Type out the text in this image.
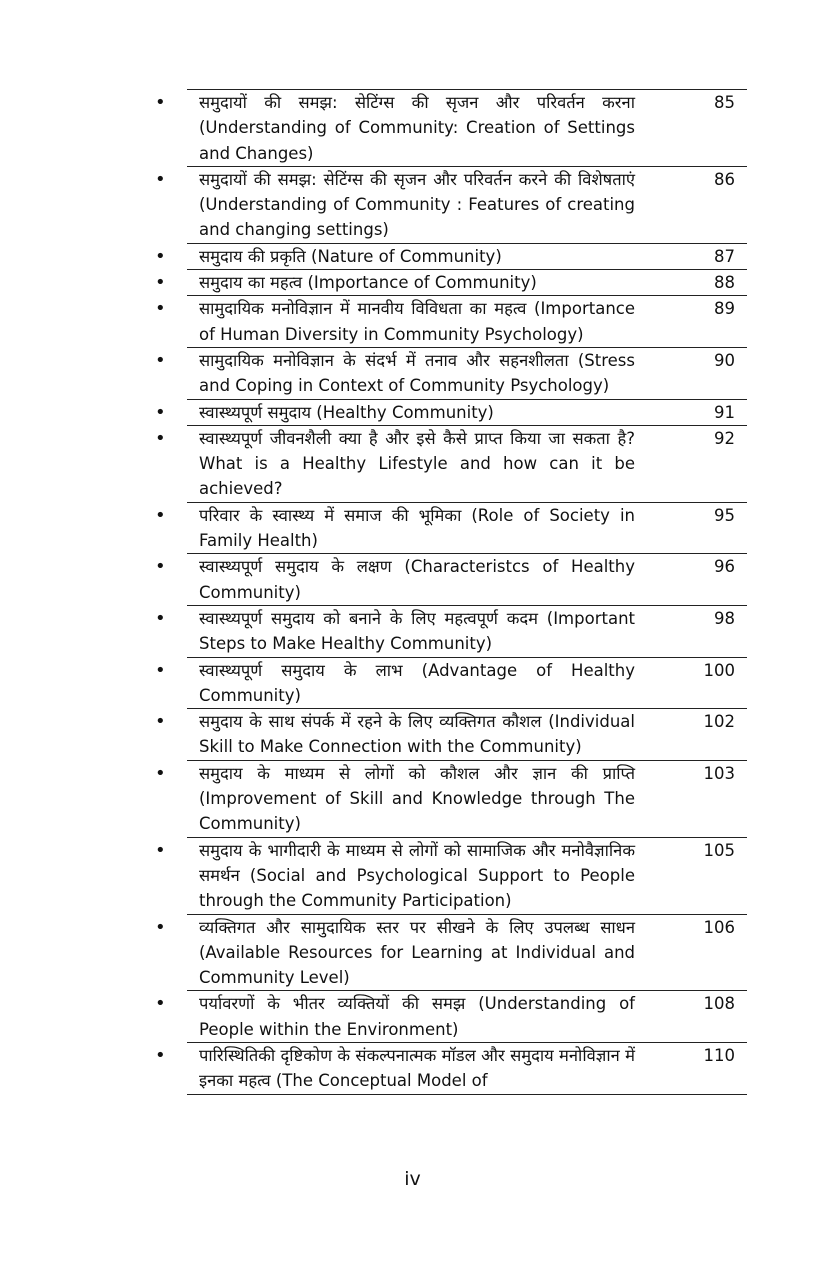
•	समुदायों की समझ: सेटिंग्स की सृजन और परिवर्तन करना (Understanding of Community: Creation of Settings and Changes)
85
•	समुदायों की समझ: सेटिंग्स की सृजन और परिवर्तन करने की विशेषताएं (Understanding of Community : Features of creating and changing settings)
86
•	समुदाय की प्रकृति (Nature of Community)	87
•	समुदाय का महत्व (Importance of Community)	88
•	सामुदायिक मनोविज्ञान में मानवीय विविधता का महत्व (Importance of Human Diversity in Community Psychology)
89
•	सामुदायिक मनोविज्ञान के संदर्भ में तनाव और सहनशीलता (Stress and Coping in Context of Community Psychology)
90
•	स्वास्थ्यपूर्ण समुदाय (Healthy Community)	91
•	स्वास्थ्यपूर्ण जीवनशैली क्या है और इसे कैसे प्राप्त किया जा सकता है? What is a Healthy Lifestyle and how can it be achieved?
92
•	परिवार के स्वास्थ्य में समाज की भूमिका (Role of Society in Family Health)
95
•	स्वास्थ्यपूर्ण समुदाय के लक्षण (Characteristcs of Healthy Community)
96
•	स्वास्थ्यपूर्ण समुदाय को बनाने के लिए महत्वपूर्ण कदम (Important Steps to Make Healthy Community)
98
•	स्वास्थ्यपूर्ण समुदाय के लाभ (Advantage of Healthy Community)
100
•	समुदाय के साथ संपर्क में रहने के लिए व्यक्तिगत कौशल (Individual Skill to Make Connection with the Community)
102
•	समुदाय के माध्यम से लोगों को कौशल और ज्ञान की प्राप्ति (Improvement of Skill and Knowledge through The Community)
103
•	समुदाय के भागीदारी के माध्यम से लोगों को सामाजिक और मनोवैज्ञानिक समर्थन (Social and Psychological Support to People through the Community Participation)
105
•	व्यक्तिगत और सामुदायिक स्तर पर सीखने के लिए उपलब्ध साधन (Available Resources for Learning at Individual and Community Level)
106
•	पर्यावरणों के भीतर व्यक्तियों की समझ (Understanding of People within the Environment)
108
•	पारिस्थितिकी दृष्टिकोण के संकल्पनात्मक मॉडल और समुदाय मनोविज्ञान में इनका महत्व (The Conceptual Model of
110
iv
